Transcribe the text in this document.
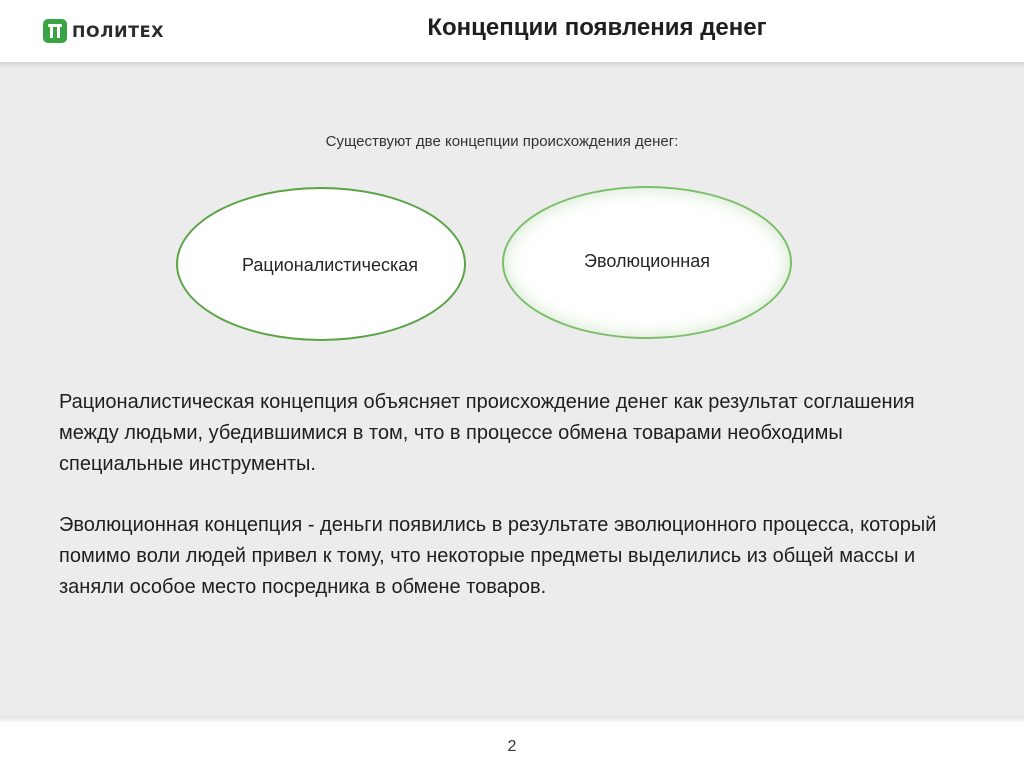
ПОЛИТЕХ	Концепции появления денег
Существуют две концепции происхождения денег:
Рационалистическая	Эволюционная
Рационалистическая концепция объясняет происхождение денег как результат соглашения между людьми, убедившимися в том, что в процессе обмена товарами необходимы специальные инструменты.
Эволюционная концепция - деньги появились в результате эволюционного процесса, который помимо воли людей привел к тому, что некоторые предметы выделились из общей массы и заняли особое место посредника в обмене товаров.
2
